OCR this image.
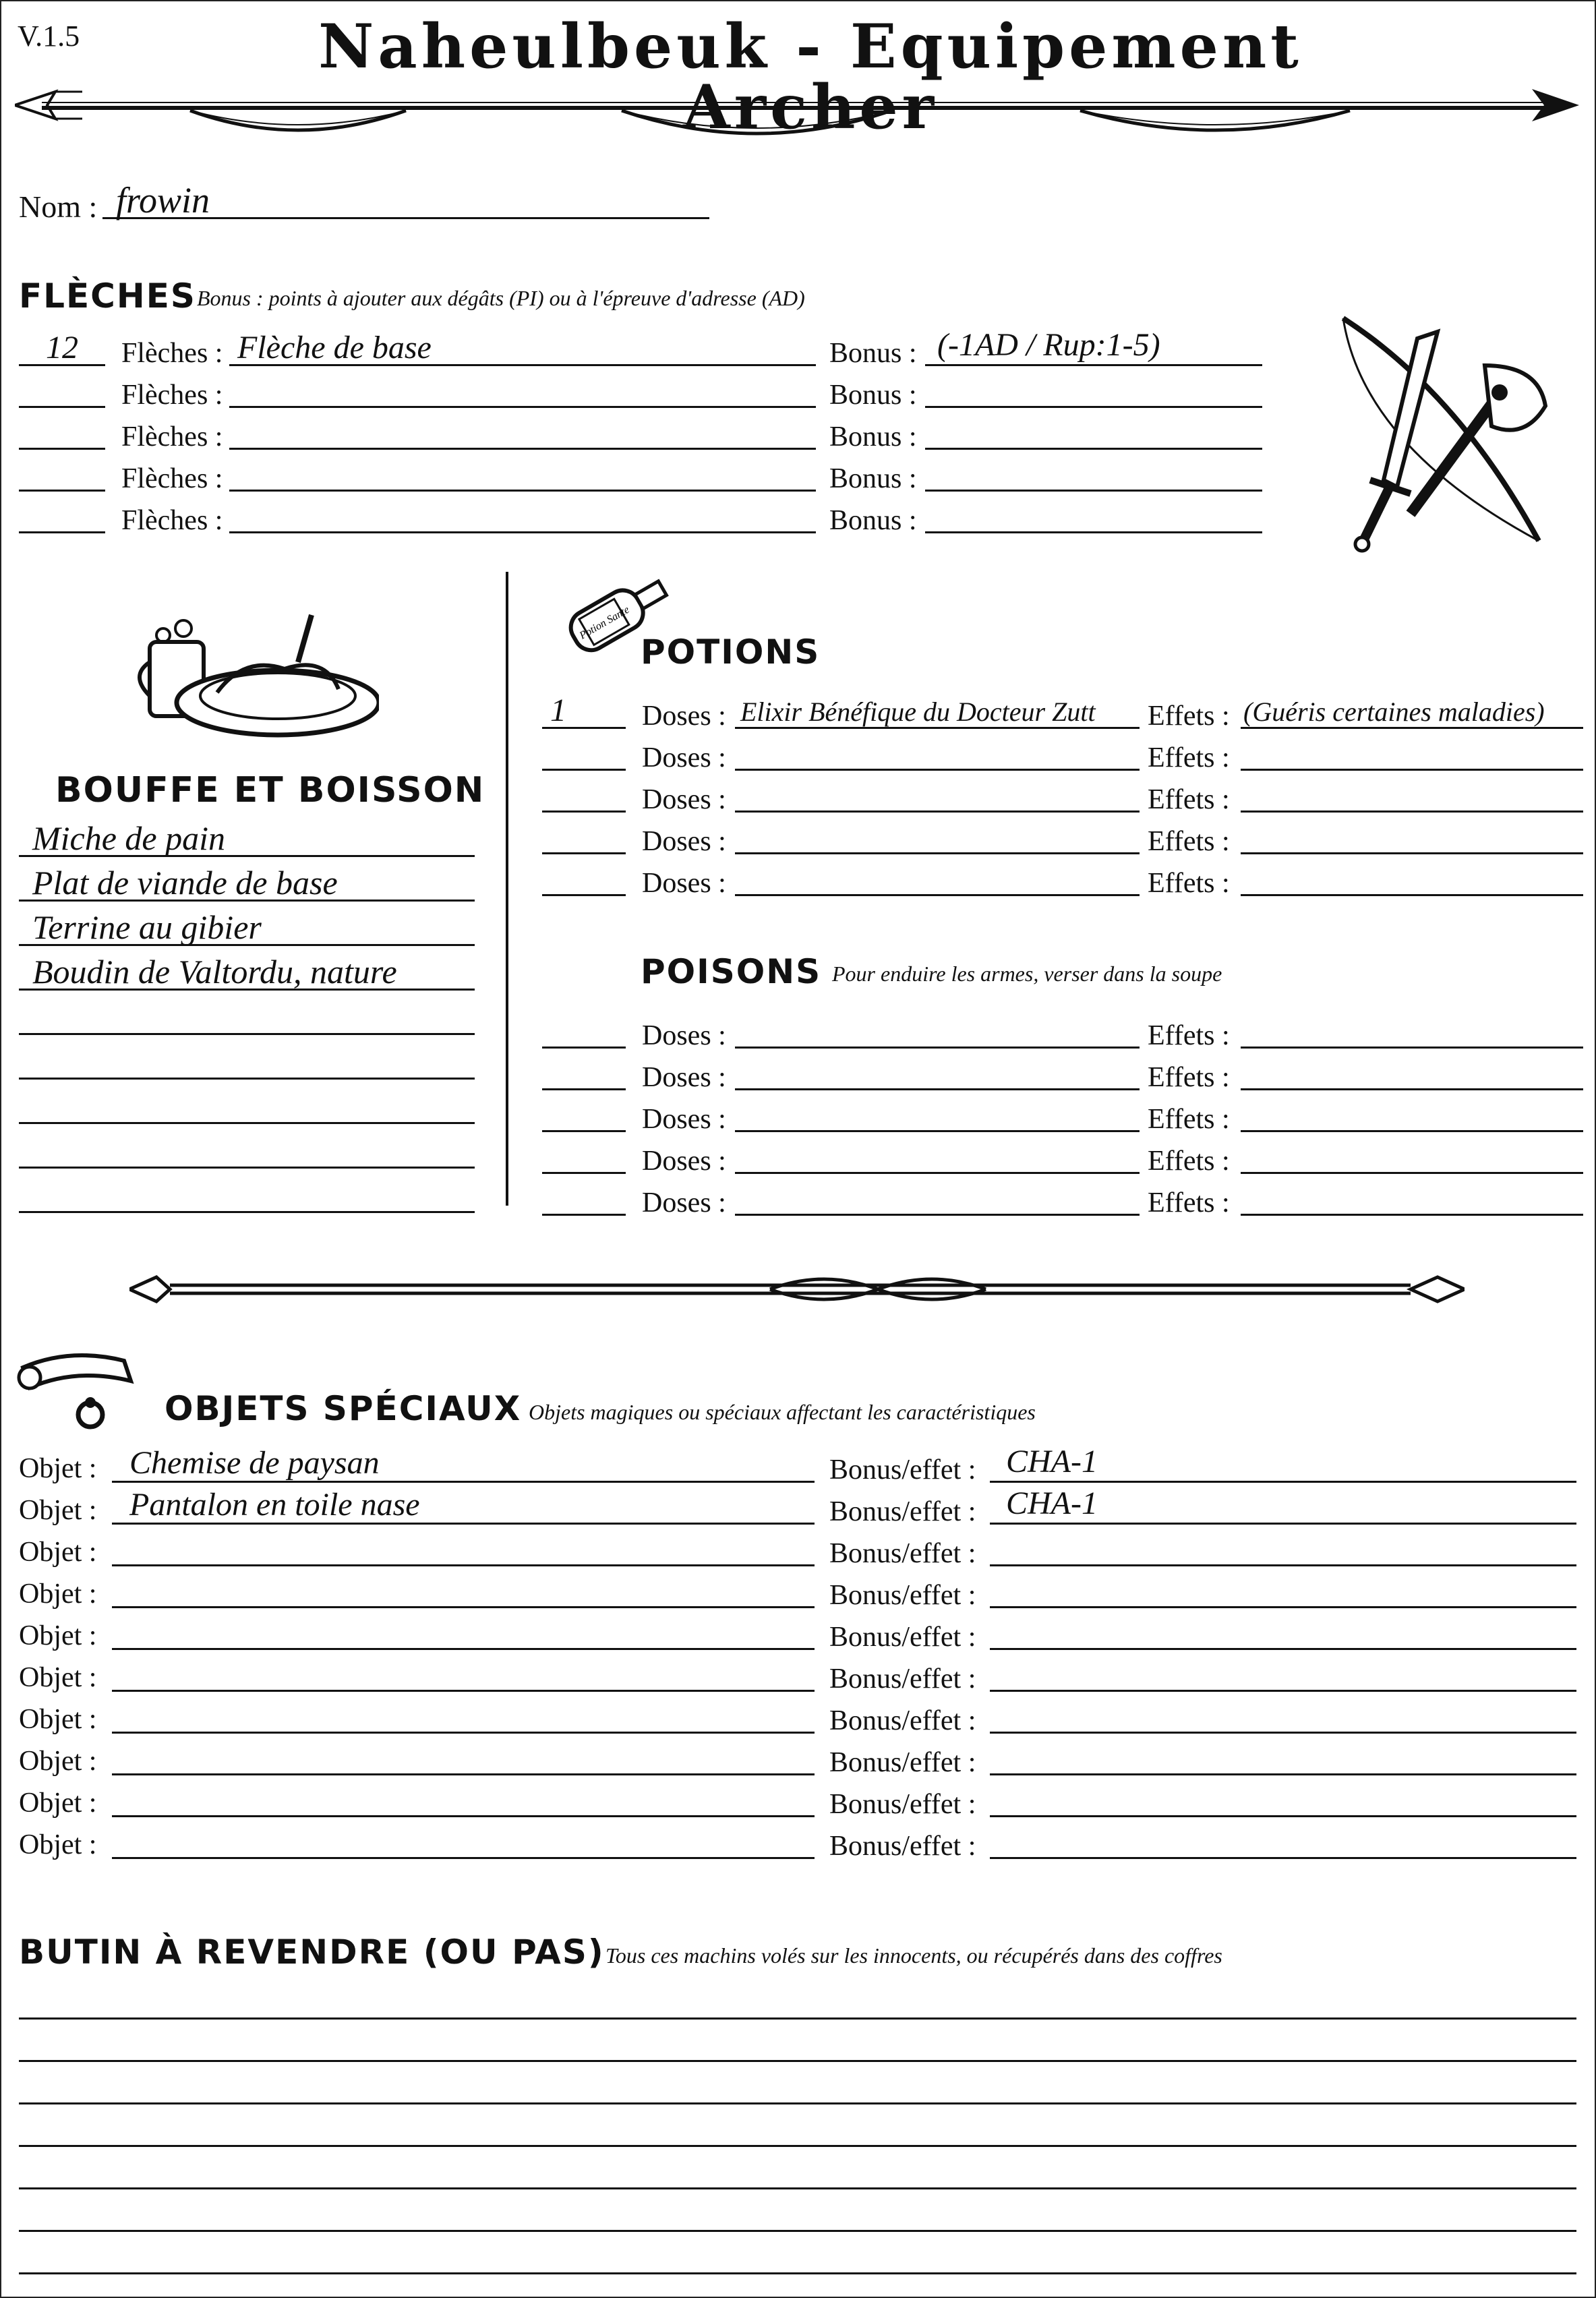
V.1.5	Naheulbeuk - Equipement Archer
Nom : frowin
FLÈCHES Bonus : points à ajouter aux dégâts (PI) ou à l'épreuve d'adresse (AD)
12 Flèches : Flèche de base	Bonus : (-1AD / Rup:1-5)
Flèches :	Bonus :
Flèches :	Bonus :
Flèches :	Bonus :
Flèches :	Bonus :
BOUFFE ET BOISSON
Miche de pain
Plat de viande de base
Terrine au gibier
Boudin de Valtordu, nature
Potion Sante
POTIONS
1	Doses : Elixir Bénéfique du Docteur Zutt Effets : (Guéris certaines maladies)
Doses :	Effets :
Doses :	Effets :
Doses :	Effets :
Doses :	Effets :
POISONS Pour enduire les armes, verser dans la soupe
Doses :	Effets :
Doses :	Effets :
Doses :	Effets :
Doses :	Effets :
Doses :	Effets :
OBJETS SPÉCIAUX Objets magiques ou spéciaux affectant les caractéristiques
Objet : Chemise de paysan	Bonus/effet : CHA-1
Objet : Pantalon en toile nase	Bonus/effet : CHA-1
Objet :	Bonus/effet :
Objet :	Bonus/effet :
Objet :	Bonus/effet :
Objet :	Bonus/effet :
Objet :	Bonus/effet :
Objet :	Bonus/effet :
Objet :	Bonus/effet :
Objet :	Bonus/effet :
BUTIN À REVENDRE (OU PAS) Tous ces machins volés sur les innocents, ou récupérés dans des coffres
